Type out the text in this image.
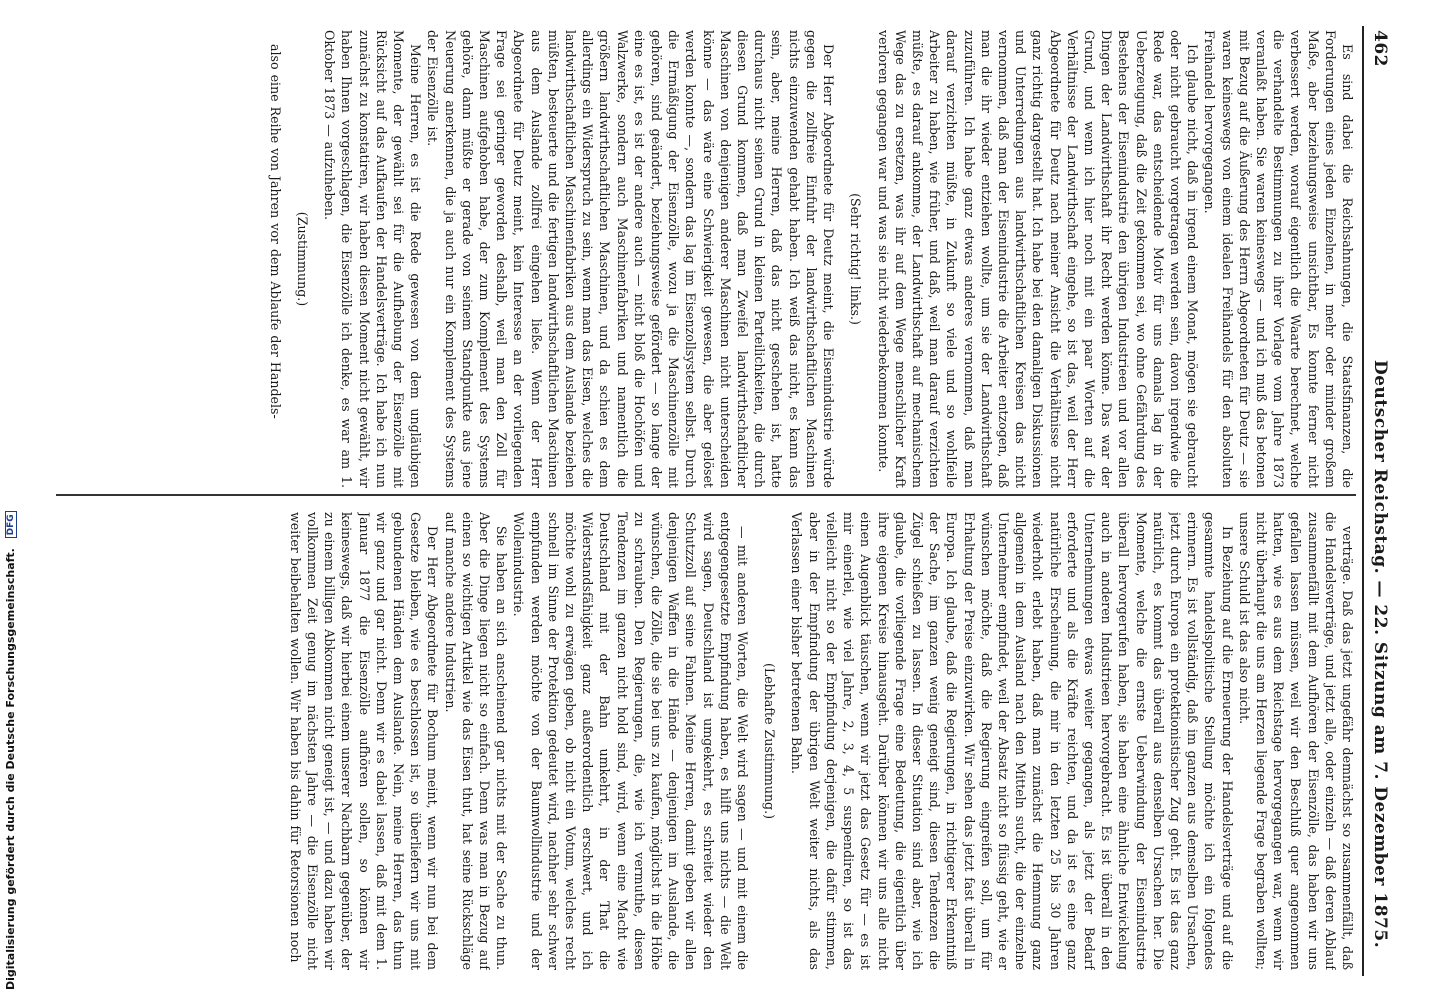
462
Deutscher Reichstag. — 22. Sitzung am 7. Dezember 1875.

Es sind dabei die Reichsahnungen, die Staatsfinanzen, die Forderungen eines jeden Einzelnen, in mehr oder minder großem Maße, aber beziehungsweise unsichtbar, Es konnte ferner nicht verbessert werden, worauf eigentlich die Waarte berechnet, welche die verhandelte Bestimmungen zu ihrer Vorlage vom Jahre 1873 veranlaßt haben. Sie waren keineswegs — und ich muß das betonen mit Bezug auf die Äußerung des Herrn Abgeordneten für Deutz — sie waren keineswegs von einem idealen Freihandels für den absoluten Freihandel hervorgegangen.

Ich glaube nicht, daß in irgend einem Monat, mögen sie gebraucht oder nicht gebraucht vorgetragen werden sein, davon irgendwie die Rede war, das entscheidende Motiv für uns damals lag in der Ueberzeugung, daß die Zeit gekommen sei, wo ohne Gefährdung des Bestehens der Eisenindustrie den übrigen Industrieen und vor allen Dingen der Landwirthschaft ihr Recht werden könne. Das war der Grund, und wenn ich hier noch mit ein paar Worten auf die Verhältnisse der Landwirthschaft eingehe, so ist das, weil der Herr Abgeordnete für Deutz nach meiner Ansicht die Verhältnisse nicht ganz richtig dargestellt hat. Ich habe bei den damaligen Diskussionen und Unterredungen aus landwirthschaftlichen Kreisen das nicht vernommen, daß man der Eisenindustrie die Arbeiter entzogen, daß man die ihr wieder entziehen wollte, um sie der Landwirthschaft zuzuführen. Ich habe ganz etwas anderes vernommen, daß man darauf verzichten müßte, in Zukunft so viele und so wohlfeile Arbeiter zu haben, wie früher, und daß, weil man darauf verzichten müßte, es darauf ankomme, der Landwirthschaft auf mechanischem Wege das zu ersetzen, was ihr auf dem Wege menschlicher Kraft verloren gegangen war und was sie nicht wiederbekommen konnte.

(Sehr richtig! links.)

Der Herr Abgeordnete für Deutz meint, die Eisenindustrie würde gegen die zollfreie Einfuhr der landwirthschaftlichen Maschinen nichts einzuwenden gehabt haben. Ich weiß das nicht, es kann das sein, aber, meine Herren, daß das nicht geschehen ist, hatte durchaus nicht seinen Grund in kleinen Parteilichkeiten, die durch diesen Grund kommen, daß man Zweifel landwirthschaftlicher Maschinen von denjenigen anderer Maschinen nicht unterscheiden könne — das wäre eine Schwierigkeit gewesen, die aber gelöset werden konnte —, sondern das lag im Eisenzollsystem selbst. Durch die Ermäßigung der Eisenzölle, wozu ja die Maschinenzölle mit gehören, sind geändert, beziehungsweise gefördert — so lange der eine es ist, es ist der andere auch — nicht bloß die Hochöfen und Walzwerke, sondern auch Maschinenfabriken und namentlich die größern landwirthschaftlichen Maschinen, und da schien es dem allerdings ein Widerspruch zu sein, wenn man das Eisen, welches die landwirthschaftlichen Maschinenfabriken aus dem Auslande beziehen müßten, besteuerte und die fertigen landwirthschaftlichen Maschinen aus dem Auslande zollfrei eingehen ließe. Wenn der Herr Abgeordnete für Deutz meint, kein Interesse an der vorliegenden Frage sei geringer geworden deshalb, weil man den Zoll für Maschinen aufgehoben habe, der zum Komplement des Systems gehöre, dann müßte er gerade von seinem Standpunkte aus jene Neuerung anerkennen, die ja auch nur ein Komplement des Systems der Eisenzölle ist.

Meine Herren, es ist die Rede gewesen von dem ungläubigen Momente, der gewählt sei für die Aufhebung der Eisenzölle mit Rücksicht auf das Aufkaufen der Handelsverträge. Ich habe ich nun zunächst zu konstatiren, wir haben diesen Moment nicht gewählt, wir haben Ihnen vorgeschlagen, die Eisenzölle ich denke, es war am 1. Oktober 1873 — aufzuheben.

(Zustimmung.)

also eine Reihe von Jahren vor dem Ablaufe der Handels-

verträge. Daß das jetzt ungefähr demnächst so zusammenfällt, daß die Handelsverträge, und jetzt alle, oder einzeln — daß deren Ablauf zusammenfällt mit dem Aufhören der Eisenzölle, das haben wir uns gefallen lassen müssen, weil wir den Beschluß quer angenommen hatten, wie es aus dem Reichstage hervorgegangen war, wenn wir nicht überhaupt die uns am Herzen liegende Frage begraben wollten; unsere Schuld ist das also nicht.

In Beziehung auf die Erneuerung der Handelsverträge und auf die gesammte handelspolitische Stellung möchte ich ein folgendes erinnern. Es ist vollständig, daß im ganzen aus demselben Ursachen, jetzt durch Europa ein protektionistischer Zug geht. Es ist das ganz natürlich, es kommt das überall aus denselben Ursachen her. Die Momente, welche die ernste Ueberwindung der Eisenindustrie überall hervorgerufen haben, sie haben eine ähnliche Entwickelung auch in anderen Industrieen hervorgebracht. Es ist überall in den Unternehmungen etwas weiter gegangen, als jetzt der Bedarf erforderte und als die Kräfte reichten, und da ist es eine ganz natürliche Erscheinung, die mir in den letzten 25 bis 30 Jahren wiederholt erlebt haben, daß man zunächst die Hemmung ganz allgemein in dem Ausland nach den Mitteln sucht, die der einzelne Unternehmer empfindet, weil der Absatz nicht so flüssig geht, wie er wünschen möchte, daß die Regierung eingreifen soll, um für Erhaltung der Preise einzuwirken. Wir sehen das jetzt fast überall in Europa. Ich glaube, daß die Regierungen, in richtigerer Erkenntniß der Sache, im ganzen wenig geneigt sind, diesen Tendenzen die Zügel schießen zu lassen. In dieser Situation sind aber, wie ich glaube, die vorliegende Frage eine Bedeutung, die eigentlich über ihre eigenen Kreise hinausgeht. Darüber können wir uns alle nicht einen Augenblick täuschen, wenn wir jetzt das Gesetz für — es ist mir einerlei, wie viel Jahre, 2, 3, 4, 5 suspendiren, so ist das vielleicht nicht so der Empfindung derjenigen, die dafür stimmen, aber in der Empfindung der übrigen Welt weiter nichts, als das Verlassen einer bisher betretenen Bahn.

(Lebhafte Zustimmung.)

— mit anderen Worten, die Welt wird sagen — und mit einem die entgegengesetzte Empfindung haben, es hilft uns nichts — die Welt wird sagen, Deutschland ist umgekehrt, es schreitet wieder den Schutzzoll auf seine Fahnen. Meine Herren, damit geben wir allen denjenigen Waffen in die Hände — denjenigen im Auslande, die wünschen, die Zölle, die sie bei uns zu kaufen, möglichst in die Höhe zu schrauben. Den Regierungen, die, wie ich vermuthe, diesen Tendenzen im ganzen nicht hold sind, wird, wenn eine Macht wie Deutschland mit der Bahn umkehrt, in der That die Widerstandsfähigkeit ganz außerordentlich erschwert, und ich möchte wohl zu erwägen geben, ob nicht ein Votum, welches recht schnell im Sinne der Protektion gedeutet wird, nachher sehr schwer empfunden werden möchte von der Baumwollindustrie und der Wollenindustrie.

Sie haben an sich anscheinend gar nichts mit der Sache zu thun. Aber die Dinge liegen nicht so einfach. Denn was man in Bezug auf einen so wichtigen Artikel wie das Eisen thut, hat seine Rückschläge auf manche andere Industrien.

Der Herr Abgeordnete für Bochum meint, wenn wir nun bei dem Gesetze bleiben, wie es beschlossen ist, so überliefern wir uns mit gebundenen Händen dem Auslande. Nein, meine Herren, das thun wir ganz und gar nicht. Denn wir es dabei lassen, daß mit dem 1. Januar 1877 die Eisenzölle aufhören sollen, so können wir keineswegs, daß wir hierbei einem unserer Nachbarn gegenüber, der zu einem billigen Abkommen nicht geneigt ist, — und dazu haben wir vollkommen Zeit genug im nächsten Jahre — die Eisenzölle nicht weiter beibehalten wollen. Wir haben bis dahin für Retorsionen noch

Digitalisierung gefördert durch die Deutsche Forschungsgemeinschaft. DFG
